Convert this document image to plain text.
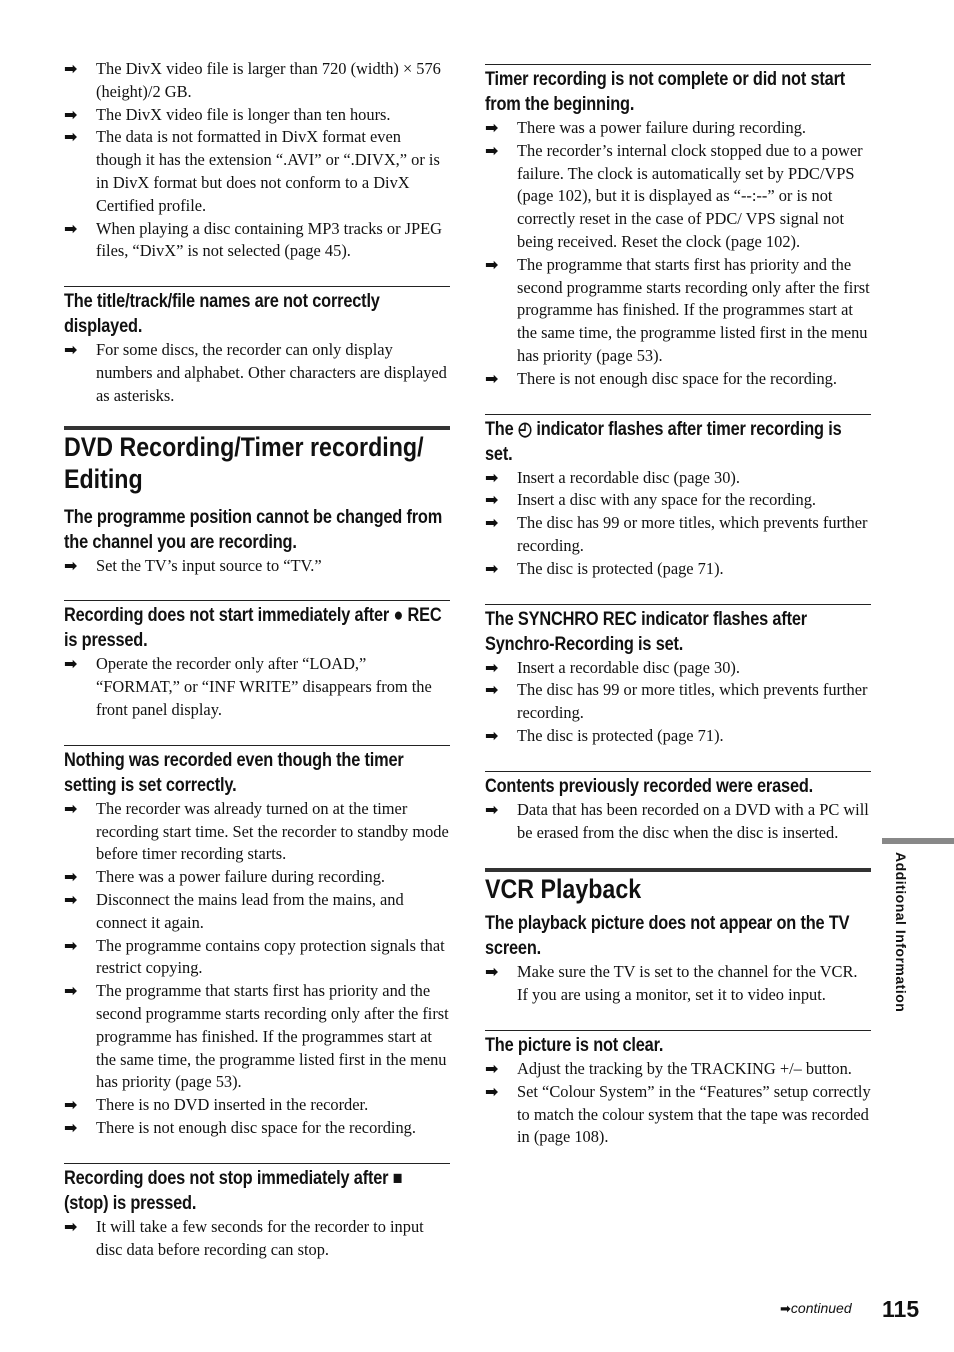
➡ The DivX video file is larger than 720 (width) × 576 (height)/2 GB.

➡ The DivX video file is longer than ten hours.

➡ The data is not formatted in DivX format even though it has the extension “.AVI” or “.DIVX,” or is in DivX format but does not conform to a DivX Certified profile.

➡ When playing a disc containing MP3 tracks or JPEG files, “DivX” is not selected (page 45).

The title/track/file names are not correctly displayed.

➡ For some discs, the recorder can only display numbers and alphabet. Other characters are displayed as asterisks.

DVD Recording/Timer recording/ Editing
The programme position cannot be changed from the channel you are recording.

➡ Set the TV’s input source to “TV.”

Recording does not start immediately after ● REC is pressed.

➡ Operate the recorder only after “LOAD,” “FORMAT,” or “INF WRITE” disappears from the front panel display.

Nothing was recorded even though the timer setting is set correctly.

➡ The recorder was already turned on at the timer recording start time. Set the recorder to standby mode before timer recording starts.

➡ There was a power failure during recording.

➡ Disconnect the mains lead from the mains, and connect it again.

➡ The programme contains copy protection signals that restrict copying.

➡ The programme that starts first has priority and the second programme starts recording only after the first programme has finished. If the programmes start at the same time, the programme listed first in the menu has priority (page 53).

➡ There is no DVD inserted in the recorder.

➡ There is not enough disc space for the recording.

Recording does not stop immediately after ■ (stop) is pressed.

➡ It will take a few seconds for the recorder to input disc data before recording can stop.

Timer recording is not complete or did not start from the beginning.

➡ There was a power failure during recording.

➡ The recorder’s internal clock stopped due to a power failure. The clock is automatically set by PDC/VPS (page 102), but it is displayed as “--:--” or is not correctly reset in the case of PDC/ VPS signal not being received. Reset the clock (page 102).

➡ The programme that starts first has priority and the second programme starts recording only after the first programme has finished. If the programmes start at the same time, the programme listed first in the menu has priority (page 53).

➡ There is not enough disc space for the recording.

The ◴ indicator flashes after timer recording is set.

➡ Insert a recordable disc (page 30).

➡ Insert a disc with any space for the recording.

➡ The disc has 99 or more titles, which prevents further recording.

➡ The disc is protected (page 71).

The SYNCHRO REC indicator flashes after Synchro-Recording is set.

➡ Insert a recordable disc (page 30).

➡ The disc has 99 or more titles, which prevents further recording.

➡ The disc is protected (page 71).

Contents previously recorded were erased.

➡ Data that has been recorded on a DVD with a PC will be erased from the disc when the disc is inserted.

VCR Playback
The playback picture does not appear on the TV screen.

➡ Make sure the TV is set to the channel for the VCR. If you are using a monitor, set it to video input.

The picture is not clear.

➡ Adjust the tracking by the TRACKING +/– button.

➡ Set “Colour System” in the “Features” setup correctly to match the colour system that the tape was recorded in (page 108).

Additional Information
➡continued 115
